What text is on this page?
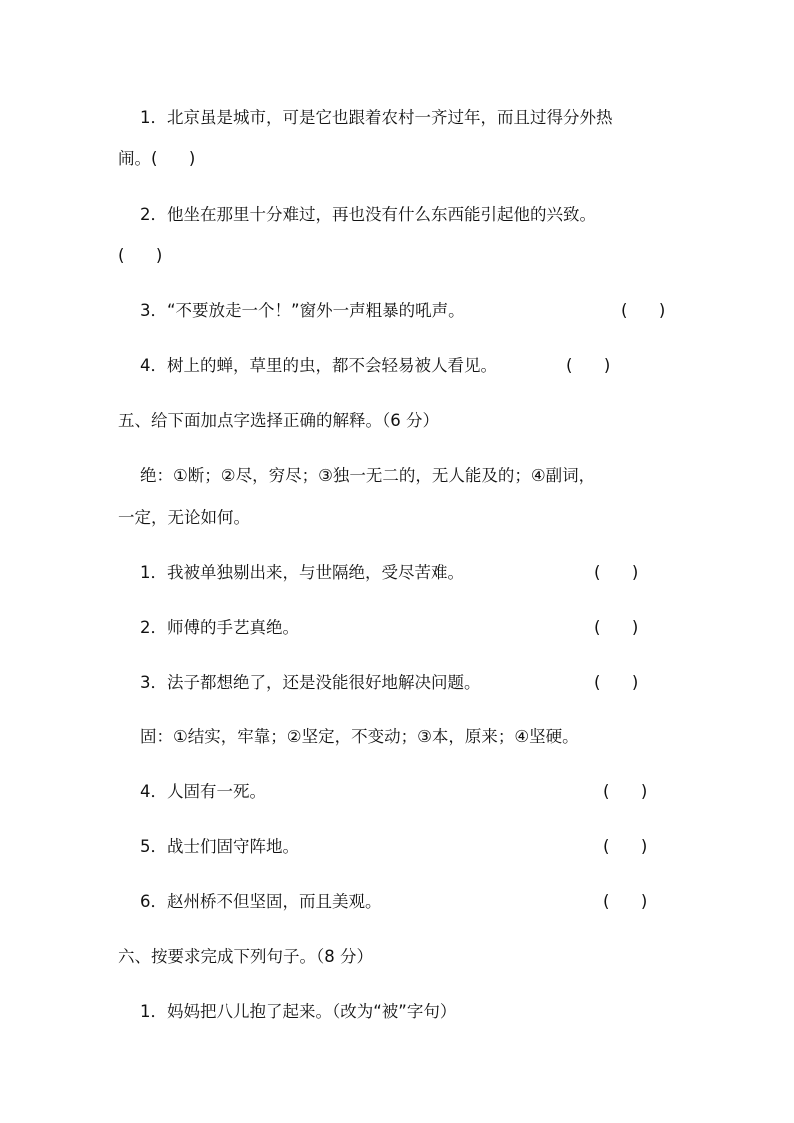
1．北京虽是城市，可是它也跟着农村一齐过年，而且过得分外热
闹。(      )
2．他坐在那里十分难过，再也没有什么东西能引起他的兴致。
(      )
3．“不要放走一个！”窗外一声粗暴的吼声。	(      )
4．树上的蝉，草里的虫，都不会轻易被人看见。	(      )
五、给下面加点字选择正确的解释。（6 分）
绝：①断；②尽，穷尽；③独一无二的，无人能及的；④副词，
一定，无论如何。
1．我被单独剔出来，与世隔绝，受尽苦难。	(      )
2．师傅的手艺真绝。	(      )
3．法子都想绝了，还是没能很好地解决问题。	(      )
固：①结实，牢靠；②坚定，不变动；③本，原来；④坚硬。
4．人固有一死。	(      )
5．战士们固守阵地。	(      )
6．赵州桥不但坚固，而且美观。	(      )
六、按要求完成下列句子。（8 分）
1．妈妈把八儿抱了起来。（改为“被”字句）
